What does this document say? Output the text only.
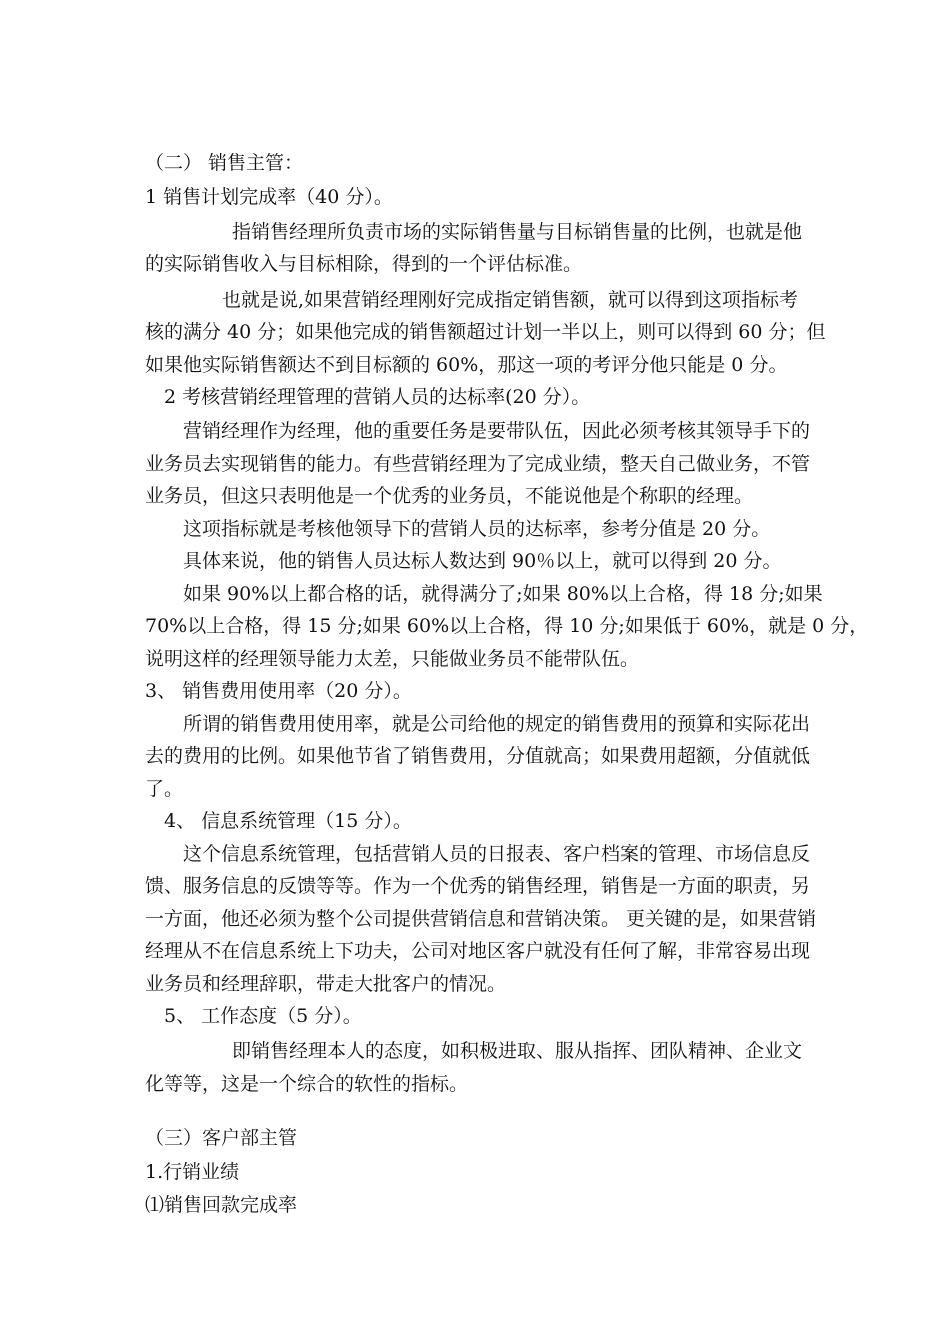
（二） 销售主管：
1 销售计划完成率（40 分）。
指销售经理所负责市场的实际销售量与目标销售量的比例，也就是他
的实际销售收入与目标相除，得到的一个评估标准。
也就是说,如果营销经理刚好完成指定销售额，就可以得到这项指标考
核的满分 40 分；如果他完成的销售额超过计划一半以上，则可以得到 60 分；但
如果他实际销售额达不到目标额的 60%，那这一项的考评分他只能是 0 分。
2 考核营销经理管理的营销人员的达标率(20 分）。
营销经理作为经理，他的重要任务是要带队伍，因此必须考核其领导手下的
业务员去实现销售的能力。有些营销经理为了完成业绩，整天自己做业务，不管
业务员，但这只表明他是一个优秀的业务员，不能说他是个称职的经理。
这项指标就是考核他领导下的营销人员的达标率，参考分值是 20 分。
具体来说，他的销售人员达标人数达到 90％以上，就可以得到 20 分。
如果 90%以上都合格的话，就得满分了;如果 80%以上合格，得 18 分;如果
70%以上合格，得 15 分;如果 60%以上合格，得 10 分;如果低于 60%，就是 0 分，
说明这样的经理领导能力太差，只能做业务员不能带队伍。
3、 销售费用使用率（20 分）。
所谓的销售费用使用率，就是公司给他的规定的销售费用的预算和实际花出
去的费用的比例。如果他节省了销售费用，分值就高；如果费用超额，分值就低
了。
4、 信息系统管理（15 分）。
这个信息系统管理，包括营销人员的日报表、客户档案的管理、市场信息反
馈、服务信息的反馈等等。作为一个优秀的销售经理，销售是一方面的职责，另
一方面，他还必须为整个公司提供营销信息和营销决策。 更关键的是，如果营销
经理从不在信息系统上下功夫，公司对地区客户就没有任何了解，非常容易出现
业务员和经理辞职，带走大批客户的情况。
5、 工作态度（5 分）。
即销售经理本人的态度，如积极进取、服从指挥、团队精神、企业文
化等等，这是一个综合的软性的指标。
（三）客户部主管
1.行销业绩
⑴销售回款完成率
